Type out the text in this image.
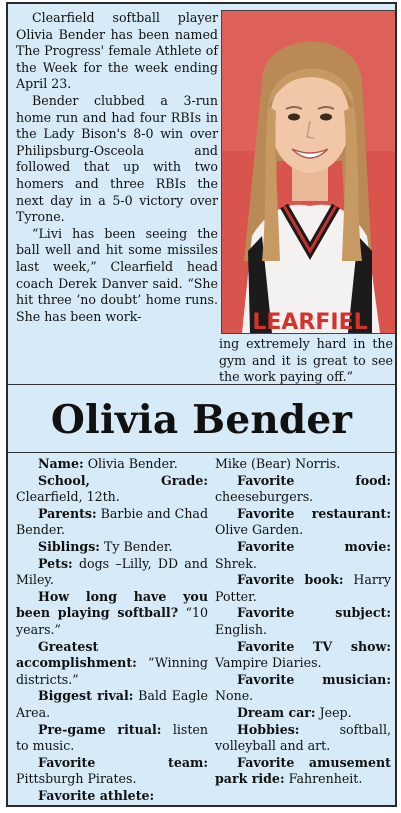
Clearfield softball player Olivia Bender has been named The Progress' female Athlete of the Week for the week ending April 23.

Bender clubbed a 3-run home run and had four RBIs in the Lady Bison's 8-0 win over Philipsburg-Osceola and followed that up with two homers and three RBIs the next day in a 5-0 victory over Tyrone.

“Livi has been seeing the ball well and hit some missiles last week,” Clearfield head coach Derek Danver said. “She hit three ‘no doubt’ home runs. She has been work-	LEARFIEL

ing extremely hard in the gym and it is great to see the work paying off.”

Olivia Bender

Name: Olivia Bender.

School, Grade: Clearfield, 12th.

Parents: Barbie and Chad Bender.

Siblings: Ty Bender.

Pets: dogs –Lilly, DD and Miley.

How long have you been playing softball? “10 years.”

Greatest accomplishment: “Winning districts.”

Biggest rival: Bald Eagle Area.

Pre-game ritual: listen to music.

Favorite team: Pittsburgh Pirates.

Favorite athlete:

Mike (Bear) Norris.

Favorite food: cheeseburgers.

Favorite restaurant: Olive Garden.

Favorite movie: Shrek.

Favorite book: Harry Potter.

Favorite subject: English.

Favorite TV show: Vampire Diaries.

Favorite musician: None.

Dream car: Jeep.

Hobbies:	softball, volleyball and art.

Favorite amusement park ride: Fahrenheit.
